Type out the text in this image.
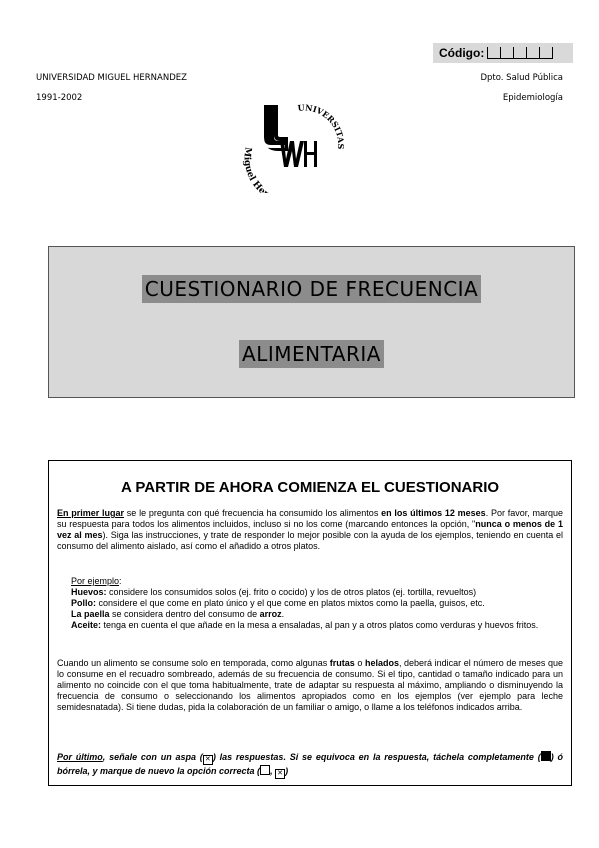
Código:
UNIVERSIDAD MIGUEL HERNANDEZ
1991-2002
Dpto. Salud Pública
Epidemiología
UNIVERSITAS
Miguel He
CUESTIONARIO DE FRECUENCIA
ALIMENTARIA
A PARTIR DE AHORA COMIENZA EL CUESTIONARIO
En primer lugar se le pregunta con qué frecuencia ha consumido los alimentos en los últimos 12 meses. Por favor, marque su respuesta para todos los alimentos incluidos, incluso si no los come (marcando entonces la opción, "nunca o menos de 1 vez al mes). Siga las instrucciones, y trate de responder lo mejor posible con la ayuda de los ejemplos, teniendo en cuenta el consumo del alimento aislado, así como el añadido a otros platos.

Por ejemplo:

Huevos: considere los consumidos solos (ej. frito o cocido) y los de otros platos (ej. tortilla, revueltos)

Pollo: considere el que come en plato único y el que come en platos mixtos como la paella, guisos, etc.

La paella se considera dentro del consumo de arroz.

Aceite: tenga en cuenta el que añade en la mesa a ensaladas, al pan y a otros platos como verduras y huevos fritos.

Cuando un alimento se consume solo en temporada, como algunas frutas o helados, deberá indicar el número de meses que lo consume en el recuadro sombreado, además de su frecuencia de consumo. Si el tipo, cantidad o tamaño indicado para un alimento no coincide con el que toma habitualmente, trate de adaptar su respuesta al máximo, ampliando o disminuyendo la frecuencia de consumo o seleccionando los alimentos apropiados como en los ejemplos (ver ejemplo para leche semidesnatada). Si tiene dudas, pida la colaboración de un familiar o amigo, o llame a los teléfonos indicados arriba.
Por último, señale con un aspa ( ✕ ) las respuestas. Si se equivoca en la respuesta, táchela completamente ( ) ó bórrela, y marque de nuevo la opción correcta ( , ✕ )
